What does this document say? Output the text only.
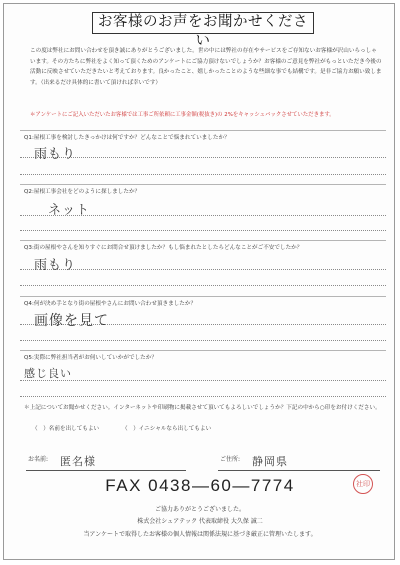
お客様のお声をお聞かせください
この度は弊社にお問い合わせを頂き誠にありがとうございました。世の中には弊社の存在やサービスをご存知ないお客様が沢山いらっしゃいます。その方たちに弊社をよく知って頂くためのアンケートにご協力頂けないでしょうか？お客様のご意見を弊社がもっといただき今後の活動に反映させていただきたいと考えております。良かったこと、嬉しかったことのような些細な事でも結構です。是非ご協力お願い致します。（出来るだけ具体的に書いて頂ければ幸いです）
＊アンケートにご記入いただいたお客様では工事ご所依頼に工事金額(税抜き)の 2%をキャッシュバックさせていただきます。
Q1:屋根工事を検討したきっかけは何ですか？どんなことで悩まれていましたか？
雨もり
Q2:屋根工事会社をどのように探しましたか？
ネット
Q3:街の屋根やさんを知りすぐにお問合せ頂けましたか？もし悩まれたとしたらどんなことがご不安でしたか？
雨もり
Q4:何が決め手となり街の屋根やさんにお問い合わせ頂きましたか？
画像を見て
Q5:実際に弊社担当者がお伺いしていかがでしたか？
感じ良い
＊上記についてお聞かせください。インターネットや印刷物に掲載させて頂いてもよろしいでしょうか？下記の中から○印をお付けください。
（　）名前を出してもよい	（　）イニシャルなら出してもよい
お名前: 匿名様	ご住所: 静岡県
FAX 0438―60―7774	社印
ご協力ありがとうございました。
株式会社シュアテック 代表取締役 大久保 誠二
当アンケートで取得したお客様の個人情報は関係法規に基づき厳正に管理いたします。
